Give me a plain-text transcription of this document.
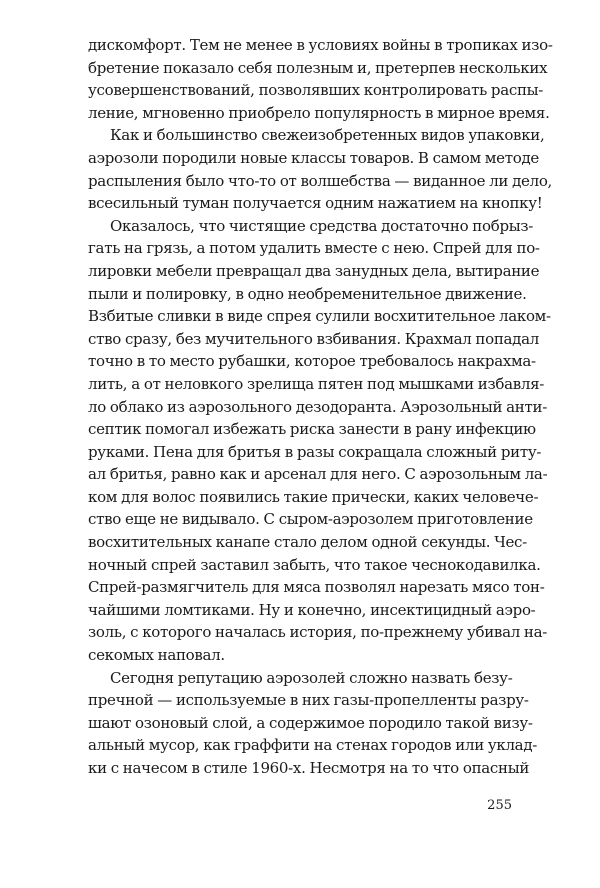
дискомфорт. Тем не менее в условиях войны в тропиках изо-
бретение показало себя полезным и, претерпев нескольких
усовершенствований, позволявших контролировать распы-
ление, мгновенно приобрело популярность в мирное время.
Как и большинство свежеизобретенных видов упаковки,
аэрозоли породили новые классы товаров. В самом методе
распыления было что-то от волшебства — виданное ли дело,
всесильный туман получается одним нажатием на кнопку!
Оказалось, что чистящие средства достаточно побрыз-
гать на грязь, а потом удалить вместе с нею. Спрей для по-
лировки мебели превращал два занудных дела, вытирание
пыли и полировку, в одно необременительное движение.
Взбитые сливки в виде спрея сулили восхитительное лаком-
ство сразу, без мучительного взбивания. Крахмал попадал
точно в то место рубашки, которое требовалось накрахма-
лить, а от неловкого зрелища пятен под мышками избавля-
ло облако из аэрозольного дезодоранта. Аэрозольный анти-
септик помогал избежать риска занести в рану инфекцию
руками. Пена для бритья в разы сокращала сложный риту-
ал бритья, равно как и арсенал для него. С аэрозольным ла-
ком для волос появились такие прически, каких человече-
ство еще не видывало. С сыром-аэрозолем приготовление
восхитительных канапе стало делом одной секунды. Чес-
ночный спрей заставил забыть, что такое чеснокодавилка.
Спрей-размягчитель для мяса позволял нарезать мясо тон-
чайшими ломтиками. Ну и конечно, инсектицидный аэро-
золь, с которого началась история, по-прежнему убивал на-
секомых наповал.
Сегодня репутацию аэрозолей сложно назвать безу-
пречной — используемые в них газы-пропелленты разру-
шают озоновый слой, а содержимое породило такой визу-
альный мусор, как граффити на стенах городов или уклад-
ки с начесом в стиле 1960-х. Несмотря на то что опасный
255
